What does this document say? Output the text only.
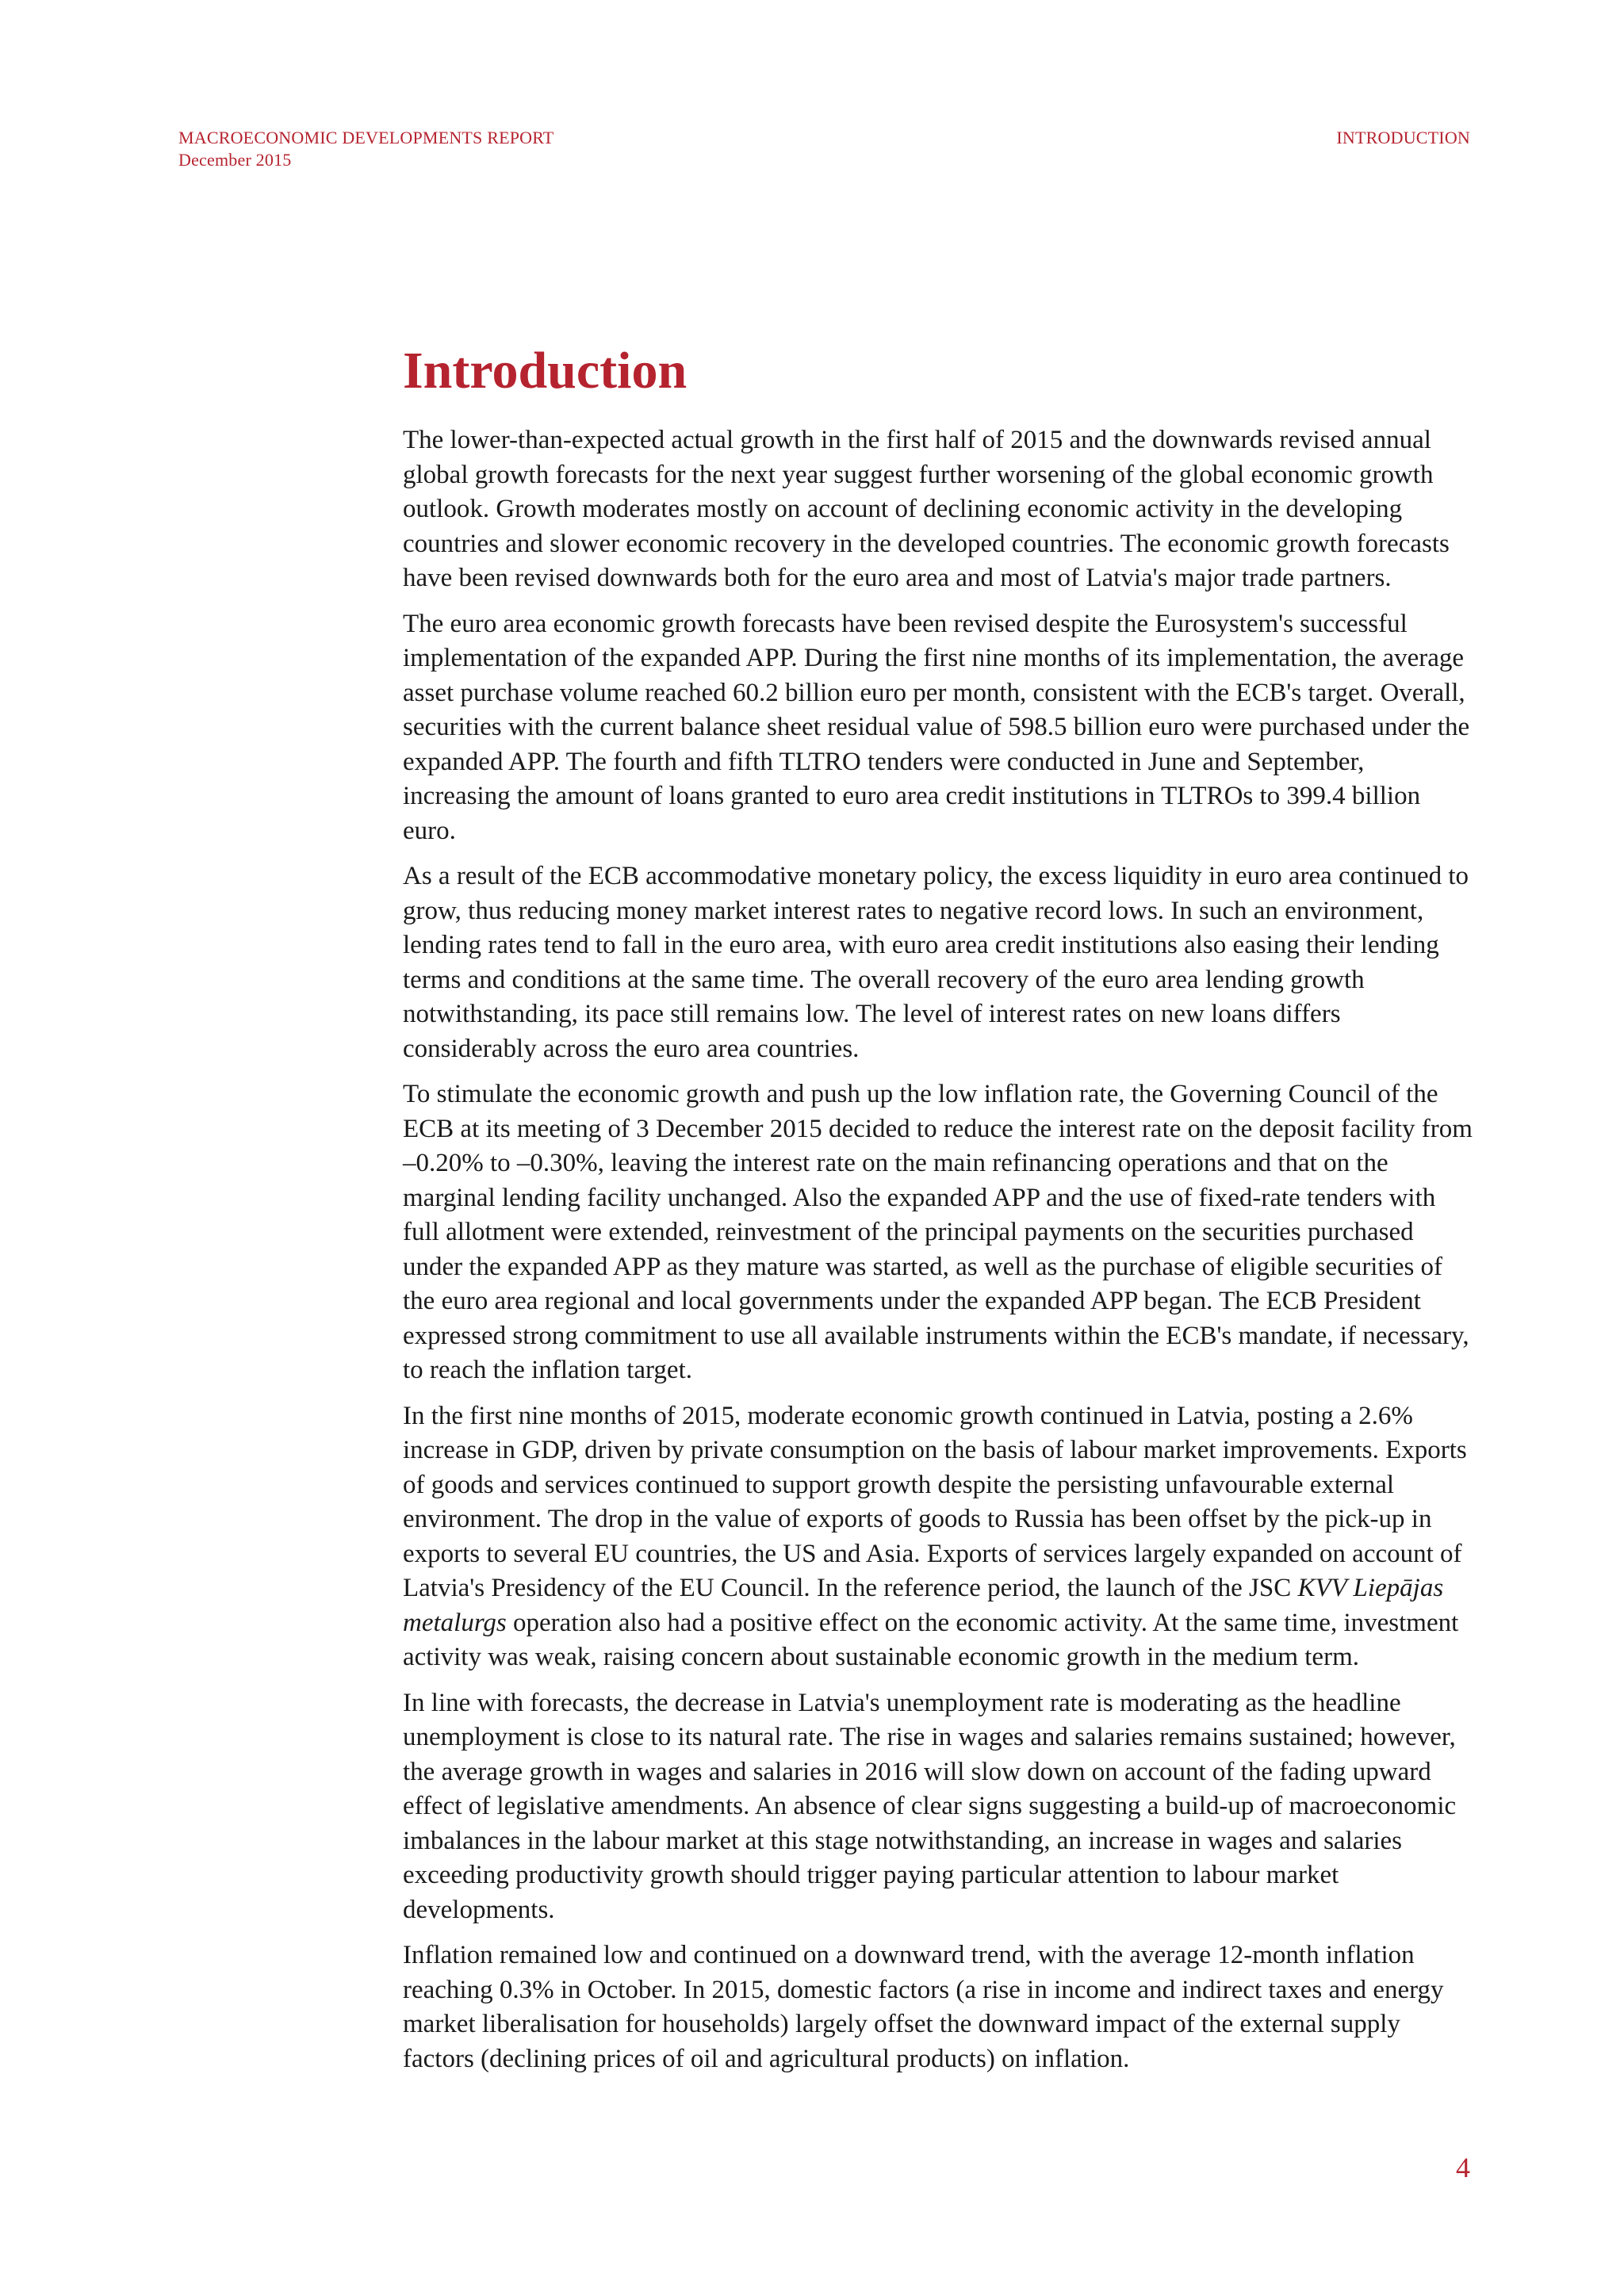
MACROECONOMIC DEVELOPMENTS REPORT
December 2015
INTRODUCTION
Introduction

The lower-than-expected actual growth in the first half of 2015 and the downwards revised annual global growth forecasts for the next year suggest further worsening of the global economic growth outlook. Growth moderates mostly on account of declining economic activity in the developing countries and slower economic recovery in the developed countries. The economic growth forecasts have been revised downwards both for the euro area and most of Latvia's major trade partners.

The euro area economic growth forecasts have been revised despite the Eurosystem's successful implementation of the expanded APP. During the first nine months of its implementation, the average asset purchase volume reached 60.2 billion euro per month, consistent with the ECB's target. Overall, securities with the current balance sheet residual value of 598.5 billion euro were purchased under the expanded APP. The fourth and fifth TLTRO tenders were conducted in June and September, increasing the amount of loans granted to euro area credit institutions in TLTROs to 399.4 billion euro.

As a result of the ECB accommodative monetary policy, the excess liquidity in euro area continued to grow, thus reducing money market interest rates to negative record lows. In such an environment, lending rates tend to fall in the euro area, with euro area credit institutions also easing their lending terms and conditions at the same time. The overall recovery of the euro area lending growth notwithstanding, its pace still remains low. The level of interest rates on new loans differs considerably across the euro area countries.

To stimulate the economic growth and push up the low inflation rate, the Governing Council of the ECB at its meeting of 3 December 2015 decided to reduce the interest rate on the deposit facility from –0.20% to –0.30%, leaving the interest rate on the main refinancing operations and that on the marginal lending facility unchanged. Also the expanded APP and the use of fixed-rate tenders with full allotment were extended, reinvestment of the principal payments on the securities purchased under the expanded APP as they mature was started, as well as the purchase of eligible securities of the euro area regional and local governments under the expanded APP began. The ECB President expressed strong commitment to use all available instruments within the ECB's mandate, if necessary, to reach the inflation target.

In the first nine months of 2015, moderate economic growth continued in Latvia, posting a 2.6% increase in GDP, driven by private consumption on the basis of labour market improvements. Exports of goods and services continued to support growth despite the persisting unfavourable external environment. The drop in the value of exports of goods to Russia has been offset by the pick-up in exports to several EU countries, the US and Asia. Exports of services largely expanded on account of Latvia's Presidency of the EU Council. In the reference period, the launch of the JSC KVV Liepājas metalurgs operation also had a positive effect on the economic activity. At the same time, investment activity was weak, raising concern about sustainable economic growth in the medium term.

In line with forecasts, the decrease in Latvia's unemployment rate is moderating as the headline unemployment is close to its natural rate. The rise in wages and salaries remains sustained; however, the average growth in wages and salaries in 2016 will slow down on account of the fading upward effect of legislative amendments. An absence of clear signs suggesting a build-up of macroeconomic imbalances in the labour market at this stage notwithstanding, an increase in wages and salaries exceeding productivity growth should trigger paying particular attention to labour market developments.

Inflation remained low and continued on a downward trend, with the average 12-month inflation reaching 0.3% in October. In 2015, domestic factors (a rise in income and indirect taxes and energy market liberalisation for households) largely offset the downward impact of the external supply factors (declining prices of oil and agricultural products) on inflation.

4
